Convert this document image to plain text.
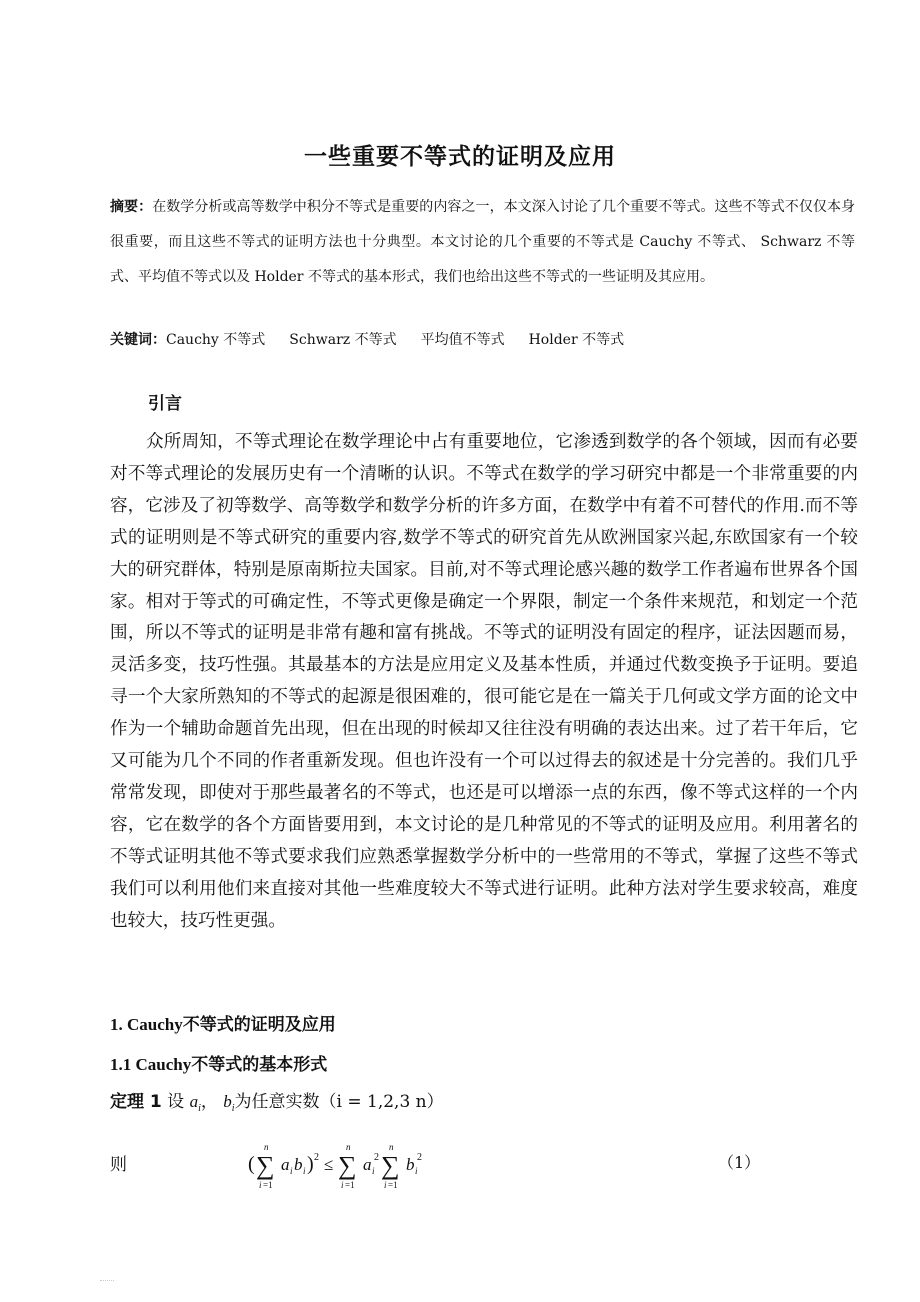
一些重要不等式的证明及应用
摘要：在数学分析或高等数学中积分不等式是重要的内容之一，本文深入讨论了几个重要不等式。这些不等式不仅仅本身很重要，而且这些不等式的证明方法也十分典型。本文讨论的几个重要的不等式是 Cauchy 不等式、 Schwarz 不等式、平均值不等式以及 Holder 不等式的基本形式，我们也给出这些不等式的一些证明及其应用。
关键词：Cauchy 不等式 Schwarz 不等式 平均值不等式 Holder 不等式
引言
众所周知，不等式理论在数学理论中占有重要地位，它渗透到数学的各个领域，因而有必要对不等式理论的发展历史有一个清晰的认识。不等式在数学的学习研究中都是一个非常重要的内容，它涉及了初等数学、高等数学和数学分析的许多方面，在数学中有着不可替代的作用.而不等式的证明则是不等式研究的重要内容,数学不等式的研究首先从欧洲国家兴起,东欧国家有一个较大的研究群体，特别是原南斯拉夫国家。目前,对不等式理论感兴趣的数学工作者遍布世界各个国家。相对于等式的可确定性，不等式更像是确定一个界限，制定一个条件来规范，和划定一个范围，所以不等式的证明是非常有趣和富有挑战。不等式的证明没有固定的程序，证法因题而易，灵活多变，技巧性强。其最基本的方法是应用定义及基本性质，并通过代数变换予于证明。要追寻一个大家所熟知的不等式的起源是很困难的，很可能它是在一篇关于几何或文学方面的论文中作为一个辅助命题首先出现，但在出现的时候却又往往没有明确的表达出来。过了若干年后，它又可能为几个不同的作者重新发现。但也许没有一个可以过得去的叙述是十分完善的。我们几乎常常发现，即使对于那些最著名的不等式，也还是可以增添一点的东西，像不等式这样的一个内容，它在数学的各个方面皆要用到，本文讨论的是几种常见的不等式的证明及应用。利用著名的不等式证明其他不等式要求我们应熟悉掌握数学分析中的一些常用的不等式，掌握了这些不等式我们可以利用他们来直接对其他一些难度较大不等式进行证明。此种方法对学生要求较高，难度也较大，技巧性更强。
1. Cauchy不等式的证明及应用
1.1 Cauchy不等式的基本形式
定理 1 设 $a_i$， $b_i$为任意实数（i = 1,2,3 n）
则	( ∑
n
i =1
a i b i ) 2 ≤ ∑
n
i =1
a i
2 ∑
n
i =1
b i
2	（1）
